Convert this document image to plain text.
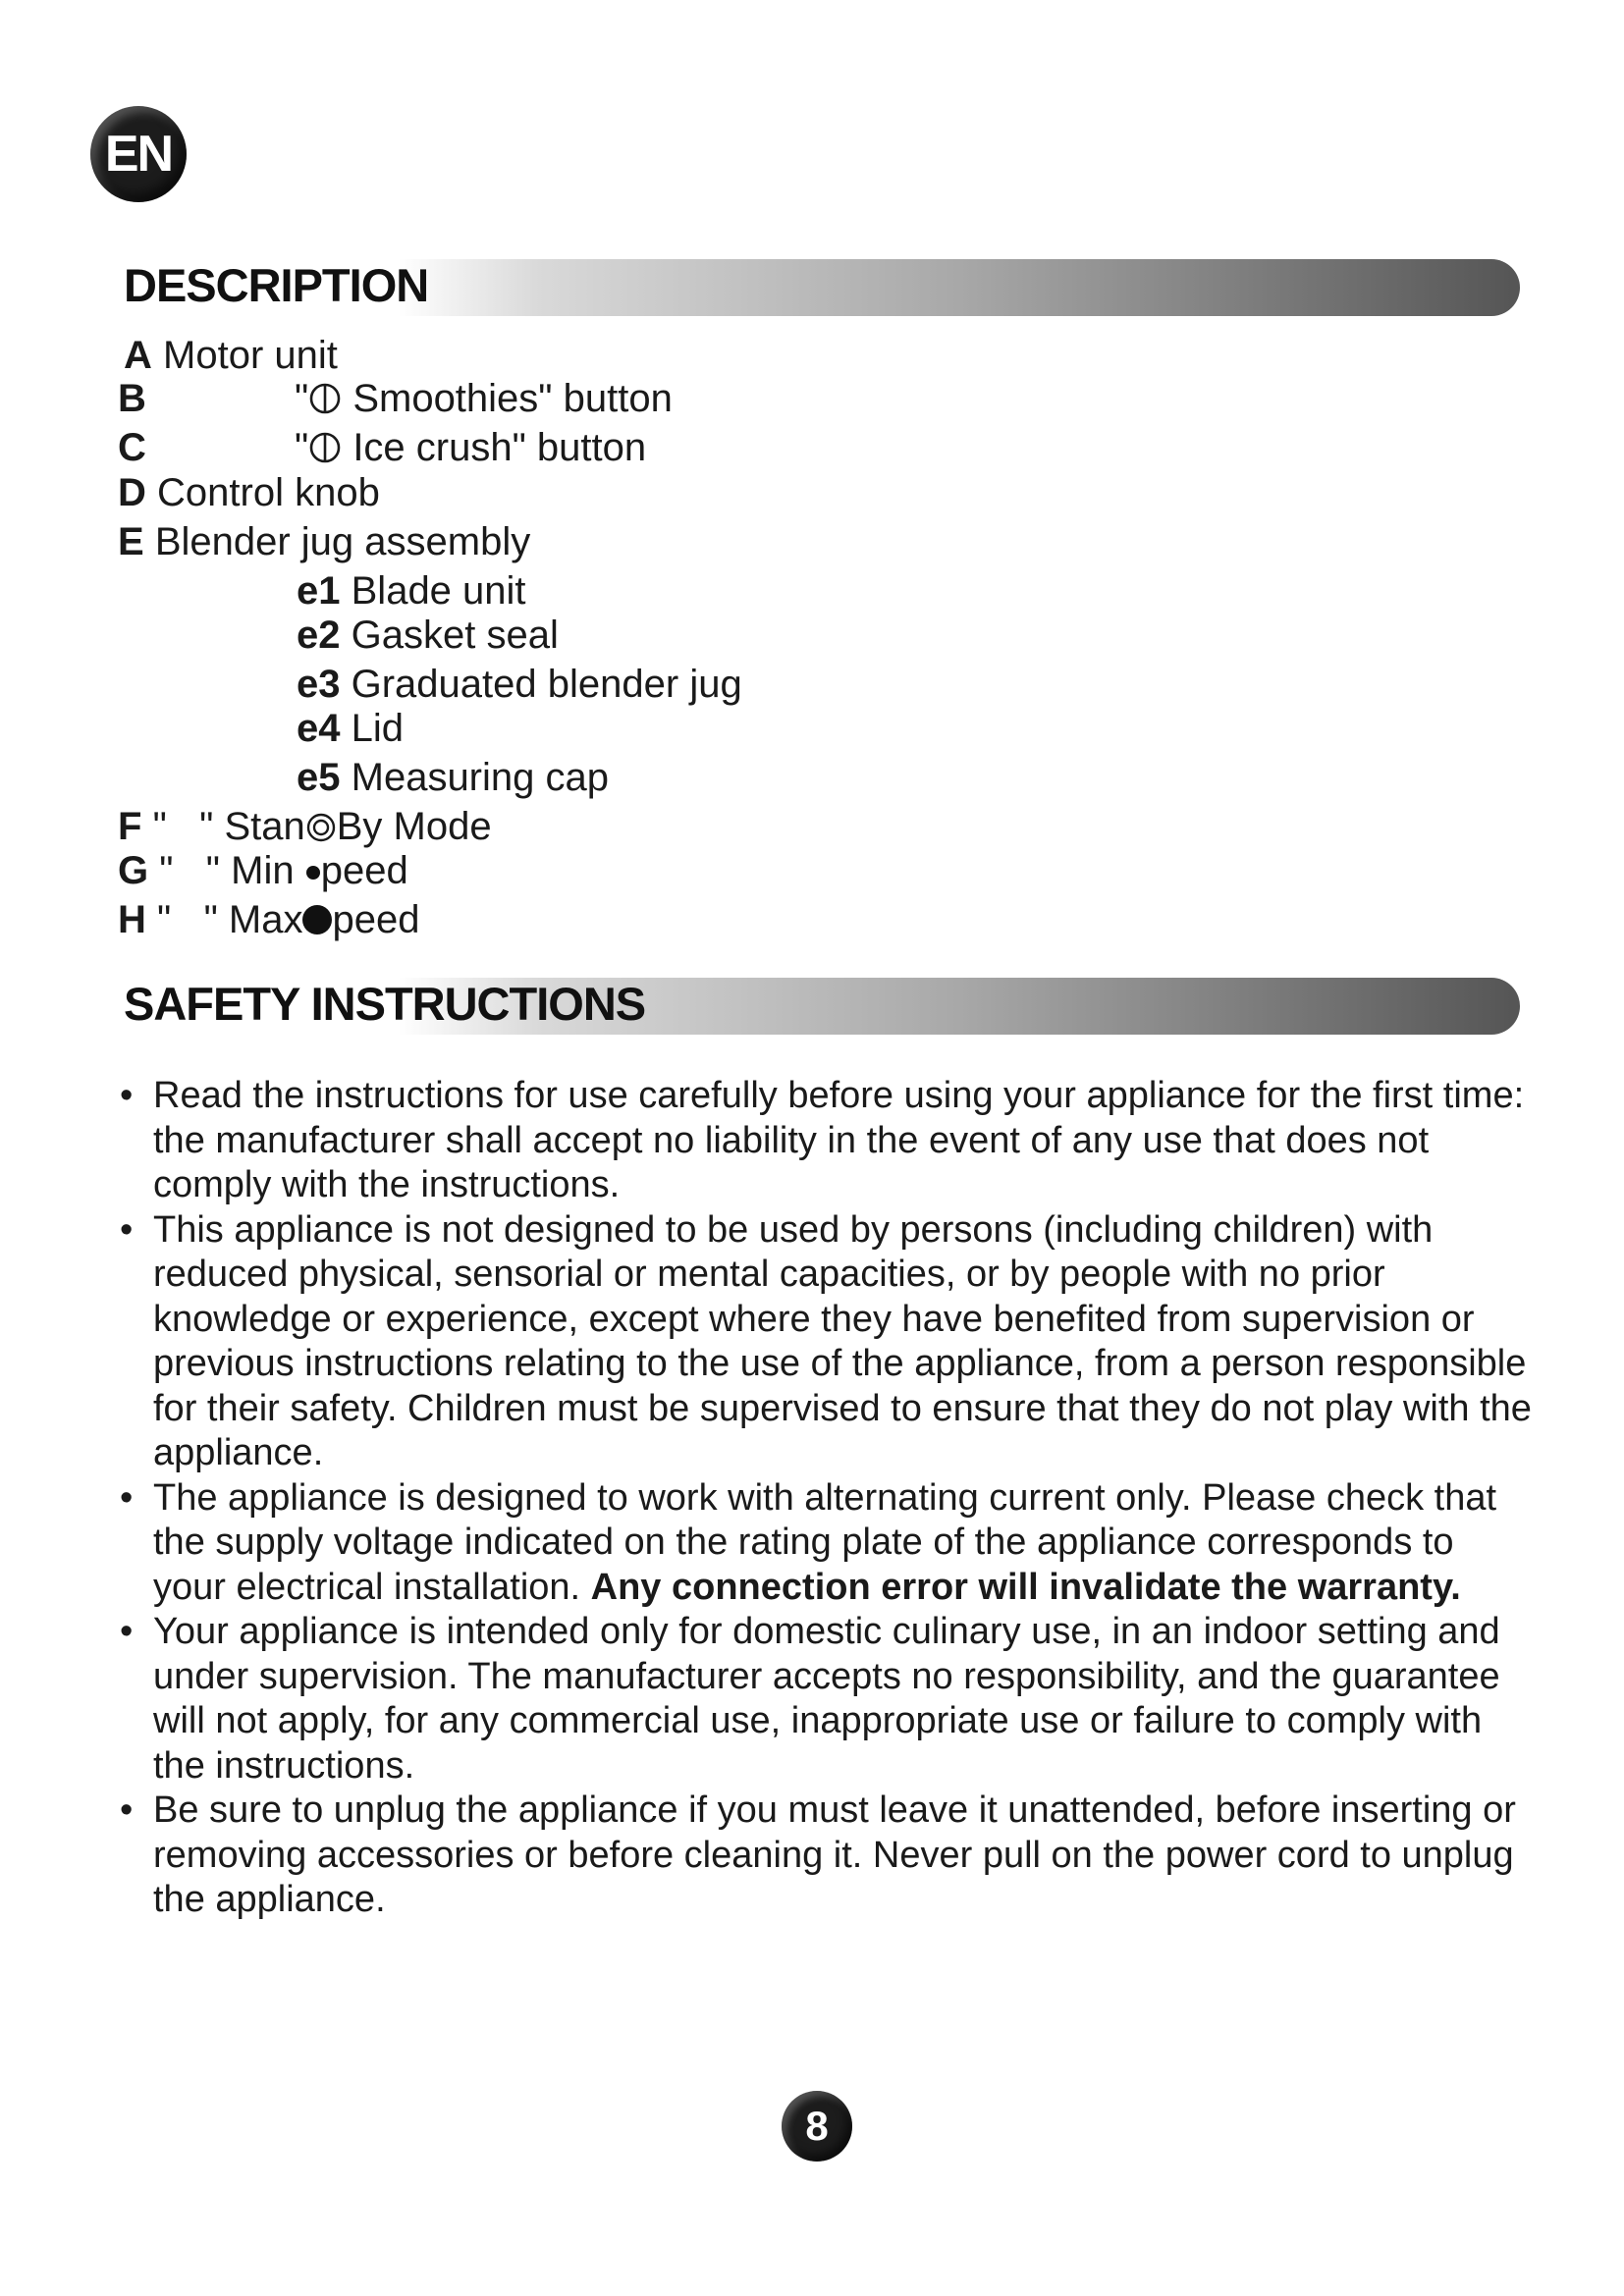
EN
DESCRIPTION
A Motor unit
B	" Smoothies" button
C	" Ice crush" button
D Control knob
E Blender jug assembly
e1 Blade unit
e2 Gasket seal
e3 Graduated blender jug
e4 Lid
e5 Measuring cap
F " " Stan By Mode
G " " Min peed
H " " Max peed
SAFETY INSTRUCTIONS
• Read the instructions for use carefully before using your appliance for the first time: the manufacturer shall accept no liability in the event of any use that does not comply with the instructions.
• This appliance is not designed to be used by persons (including children) with reduced physical, sensorial or mental capacities, or by people with no prior knowledge or experience, except where they have benefited from supervision or previous instructions relating to the use of the appliance, from a person responsible for their safety. Children must be supervised to ensure that they do not play with the appliance.
• The appliance is designed to work with alternating current only. Please check that the supply voltage indicated on the rating plate of the appliance corresponds to your electrical installation. Any connection error will invalidate the warranty.
• Your appliance is intended only for domestic culinary use, in an indoor setting and under supervision. The manufacturer accepts no responsibility, and the guarantee will not apply, for any commercial use, inappropriate use or failure to comply with the instructions.
• Be sure to unplug the appliance if you must leave it unattended, before inserting or removing accessories or before cleaning it. Never pull on the power cord to unplug the appliance.
8
